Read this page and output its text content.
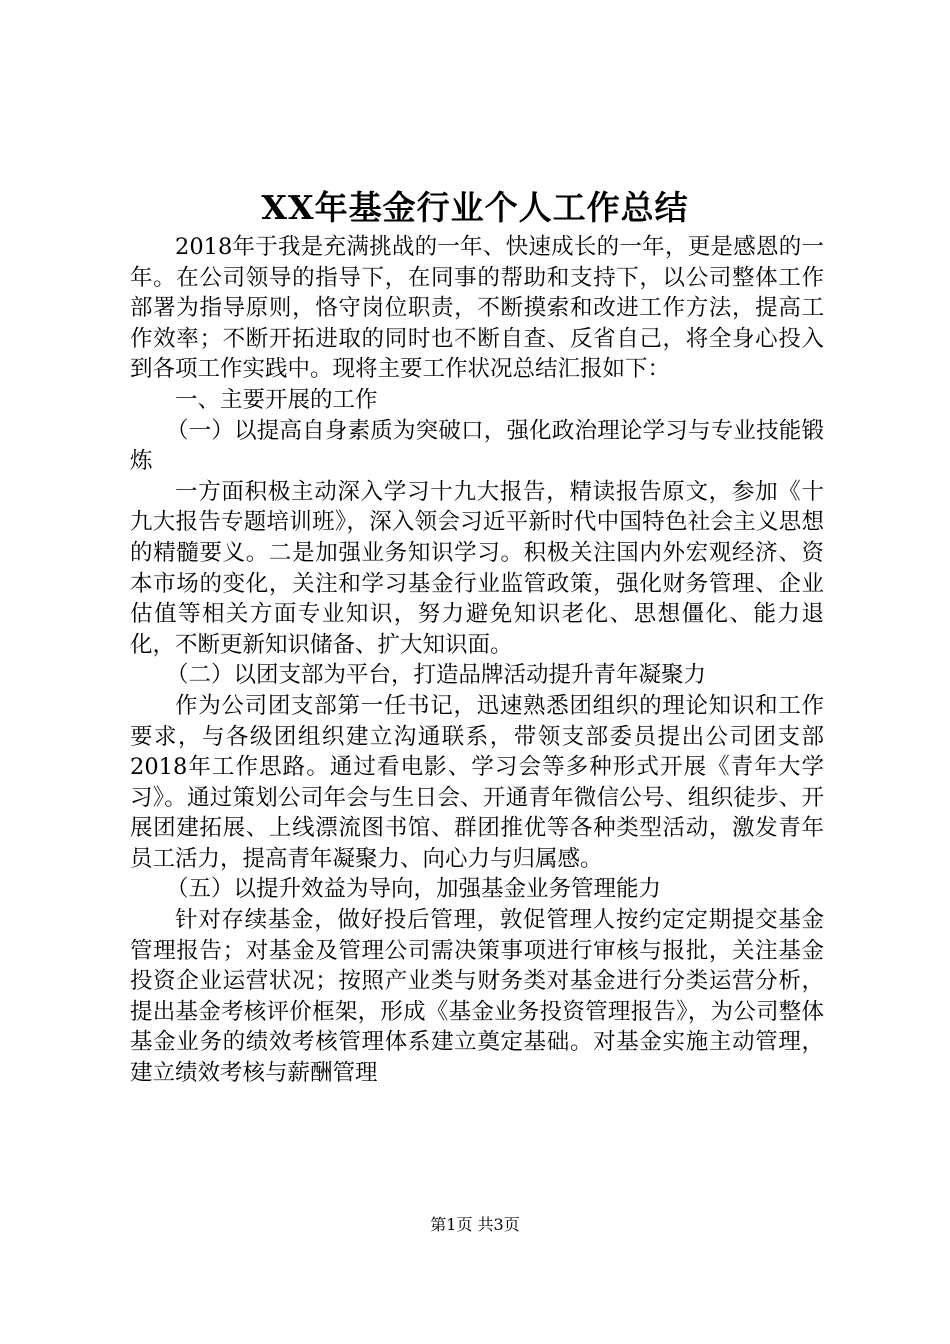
XX年基金行业个人工作总结

2018年于我是充满挑战的一年、快速成长的一年，更是感恩的一年。在公司领导的指导下，在同事的帮助和支持下，以公司整体工作部署为指导原则，恪守岗位职责，不断摸索和改进工作方法，提高工作效率；不断开拓进取的同时也不断自查、反省自己，将全身心投入到各项工作实践中。现将主要工作状况总结汇报如下：

一、主要开展的工作

（一）以提高自身素质为突破口，强化政治理论学习与专业技能锻炼

一方面积极主动深入学习十九大报告，精读报告原文，参加《十九大报告专题培训班》，深入领会习近平新时代中国特色社会主义思想的精髓要义。二是加强业务知识学习。积极关注国内外宏观经济、资本市场的变化，关注和学习基金行业监管政策，强化财务管理、企业估值等相关方面专业知识，努力避免知识老化、思想僵化、能力退化，不断更新知识储备、扩大知识面。

（二）以团支部为平台，打造品牌活动提升青年凝聚力

作为公司团支部第一任书记，迅速熟悉团组织的理论知识和工作要求，与各级团组织建立沟通联系，带领支部委员提出公司团支部2018年工作思路。通过看电影、学习会等多种形式开展《青年大学习》。通过策划公司年会与生日会、开通青年微信公号、组织徒步、开展团建拓展、上线漂流图书馆、群团推优等各种类型活动，激发青年员工活力，提高青年凝聚力、向心力与归属感。

（五）以提升效益为导向，加强基金业务管理能力

针对存续基金，做好投后管理，敦促管理人按约定定期提交基金管理报告；对基金及管理公司需决策事项进行审核与报批，关注基金投资企业运营状况；按照产业类与财务类对基金进行分类运营分析，提出基金考核评价框架，形成《基金业务投资管理报告》，为公司整体基金业务的绩效考核管理体系建立奠定基础。对基金实施主动管理，建立绩效考核与薪酬管理

第1页 共3页
